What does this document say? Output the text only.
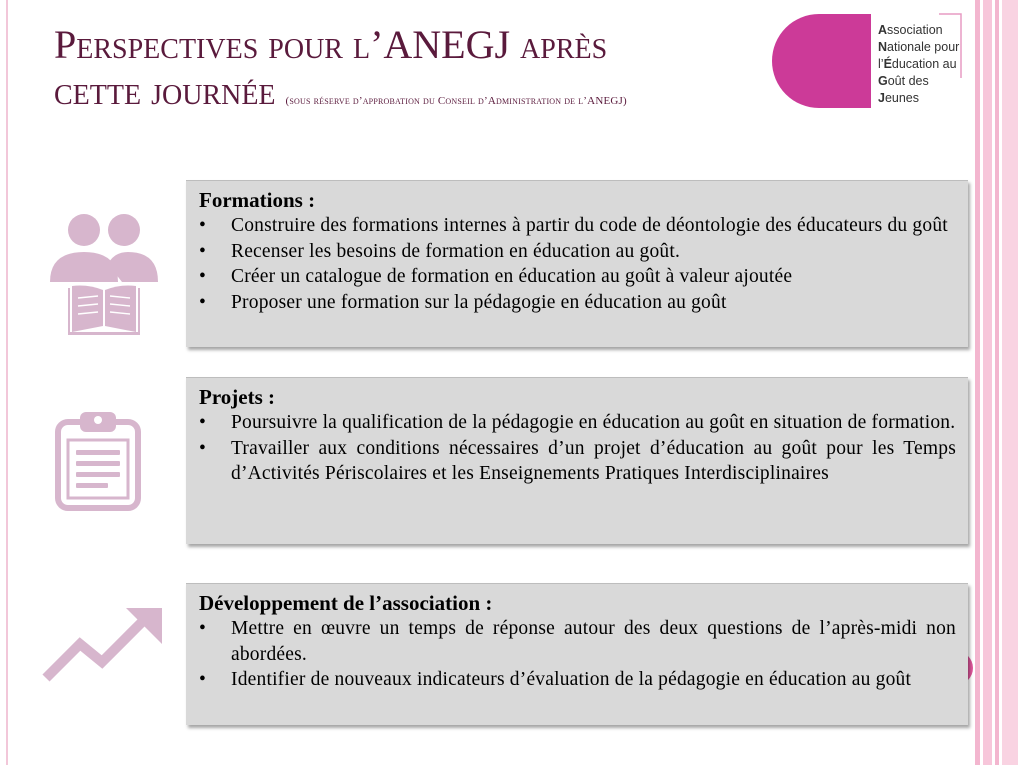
Perspectives pour l’ANEGJ après
cette journée (sous réserve d’approbation du Conseil d’Administration de l’ANEGJ)
Association
Nationale pour
l’Éducation au
Goût des
Jeunes
Formations :
• Construire des formations internes à partir du code de déontologie des éducateurs du goût
• Recenser les besoins de formation en éducation au goût.
• Créer un catalogue de formation en éducation au goût à valeur ajoutée
• Proposer une formation sur la pédagogie en éducation au goût
Projets :
• Poursuivre la qualification de la pédagogie en éducation au goût en situation de formation.
• Travailler aux conditions nécessaires d’un projet d’éducation au goût pour les Temps d’Activités Périscolaires et les Enseignements Pratiques Interdisciplinaires
Développement de l’association :
• Mettre en œuvre un temps de réponse autour des deux questions de l’après-midi non abordées.
• Identifier de nouveaux indicateurs d’évaluation de la pédagogie en éducation au goût
